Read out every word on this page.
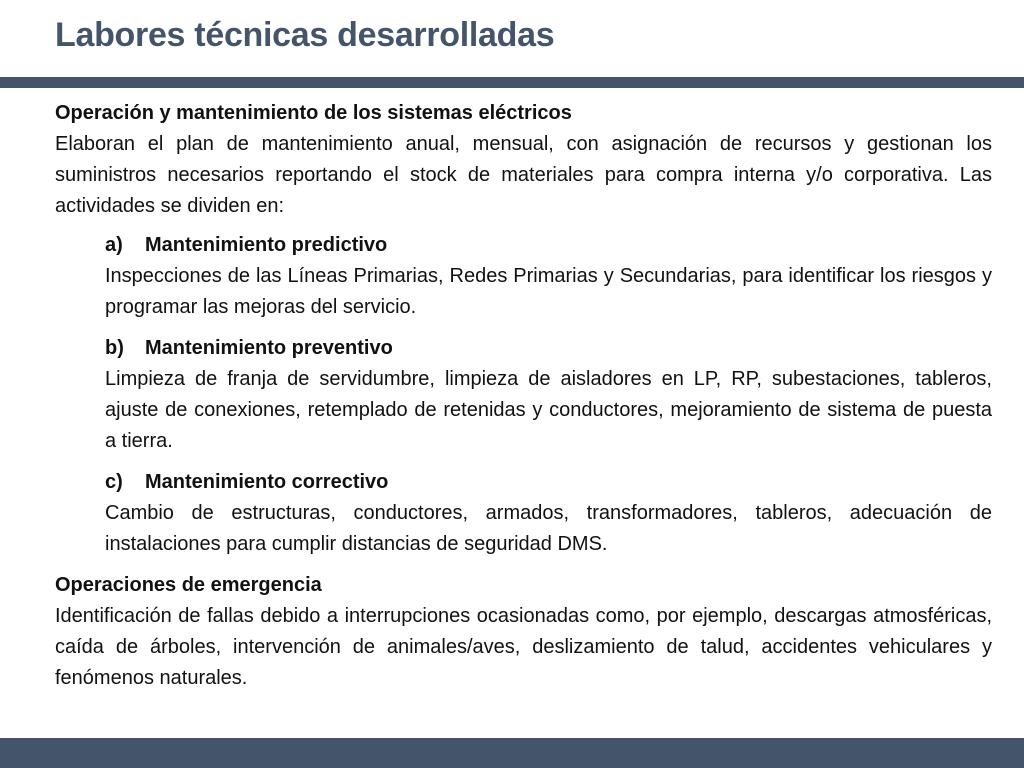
Labores técnicas desarrolladas

Operación y mantenimiento de los sistemas eléctricos

Elaboran el plan de mantenimiento anual, mensual, con asignación de recursos y gestionan los suministros necesarios reportando el stock de materiales para compra interna y/o corporativa. Las actividades se dividen en:

a)	Mantenimiento predictivo

Inspecciones de las Líneas Primarias, Redes Primarias y Secundarias, para identificar los riesgos y programar las mejoras del servicio.

b)	Mantenimiento preventivo

Limpieza de franja de servidumbre, limpieza de aisladores en LP, RP, subestaciones, tableros, ajuste de conexiones, retemplado de retenidas y conductores, mejoramiento de sistema de puesta a tierra.

c)	Mantenimiento correctivo

Cambio de estructuras, conductores, armados, transformadores, tableros, adecuación de instalaciones para cumplir distancias de seguridad DMS.

Operaciones de emergencia

Identificación de fallas debido a interrupciones ocasionadas como, por ejemplo, descargas atmosféricas, caída de árboles, intervención de animales/aves, deslizamiento de talud, accidentes vehiculares y fenómenos naturales.
